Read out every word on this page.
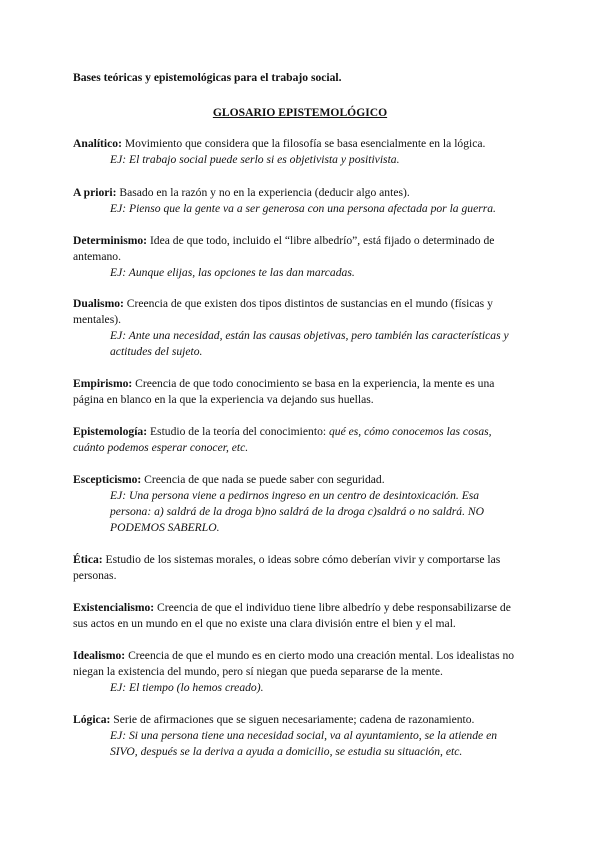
Bases teóricas y epistemológicas para el trabajo social.

GLOSARIO EPISTEMOLÓGICO

Analítico: Movimiento que considera que la filosofía se basa esencialmente en la lógica.

EJ: El trabajo social puede serlo si es objetivista y positivista.

A priori: Basado en la razón y no en la experiencia (deducir algo antes).

EJ: Pienso que la gente va a ser generosa con una persona afectada por la guerra.

Determinismo: Idea de que todo, incluido el “libre albedrío”, está fijado o determinado de antemano.

EJ: Aunque elijas, las opciones te las dan marcadas.

Dualismo: Creencia de que existen dos tipos distintos de sustancias en el mundo (físicas y mentales).

EJ: Ante una necesidad, están las causas objetivas, pero también las características y actitudes del sujeto.

Empirismo: Creencia de que todo conocimiento se basa en la experiencia, la mente es una página en blanco en la que la experiencia va dejando sus huellas.

Epistemología: Estudio de la teoría del conocimiento: qué es, cómo conocemos las cosas, cuánto podemos esperar conocer, etc.

Escepticismo: Creencia de que nada se puede saber con seguridad.

EJ: Una persona viene a pedirnos ingreso en un centro de desintoxicación. Esa persona: a) saldrá de la droga b)no saldrá de la droga c)saldrá o no saldrá. NO PODEMOS SABERLO.

Ética: Estudio de los sistemas morales, o ideas sobre cómo deberían vivir y comportarse las personas.

Existencialismo: Creencia de que el individuo tiene libre albedrío y debe responsabilizarse de sus actos en un mundo en el que no existe una clara división entre el bien y el mal.

Idealismo: Creencia de que el mundo es en cierto modo una creación mental. Los idealistas no niegan la existencia del mundo, pero sí niegan que pueda separarse de la mente.

EJ: El tiempo (lo hemos creado).

Lógica: Serie de afirmaciones que se siguen necesariamente; cadena de razonamiento.

EJ: Si una persona tiene una necesidad social, va al ayuntamiento, se la atiende en SIVO, después se la deriva a ayuda a domicilio, se estudia su situación, etc.
